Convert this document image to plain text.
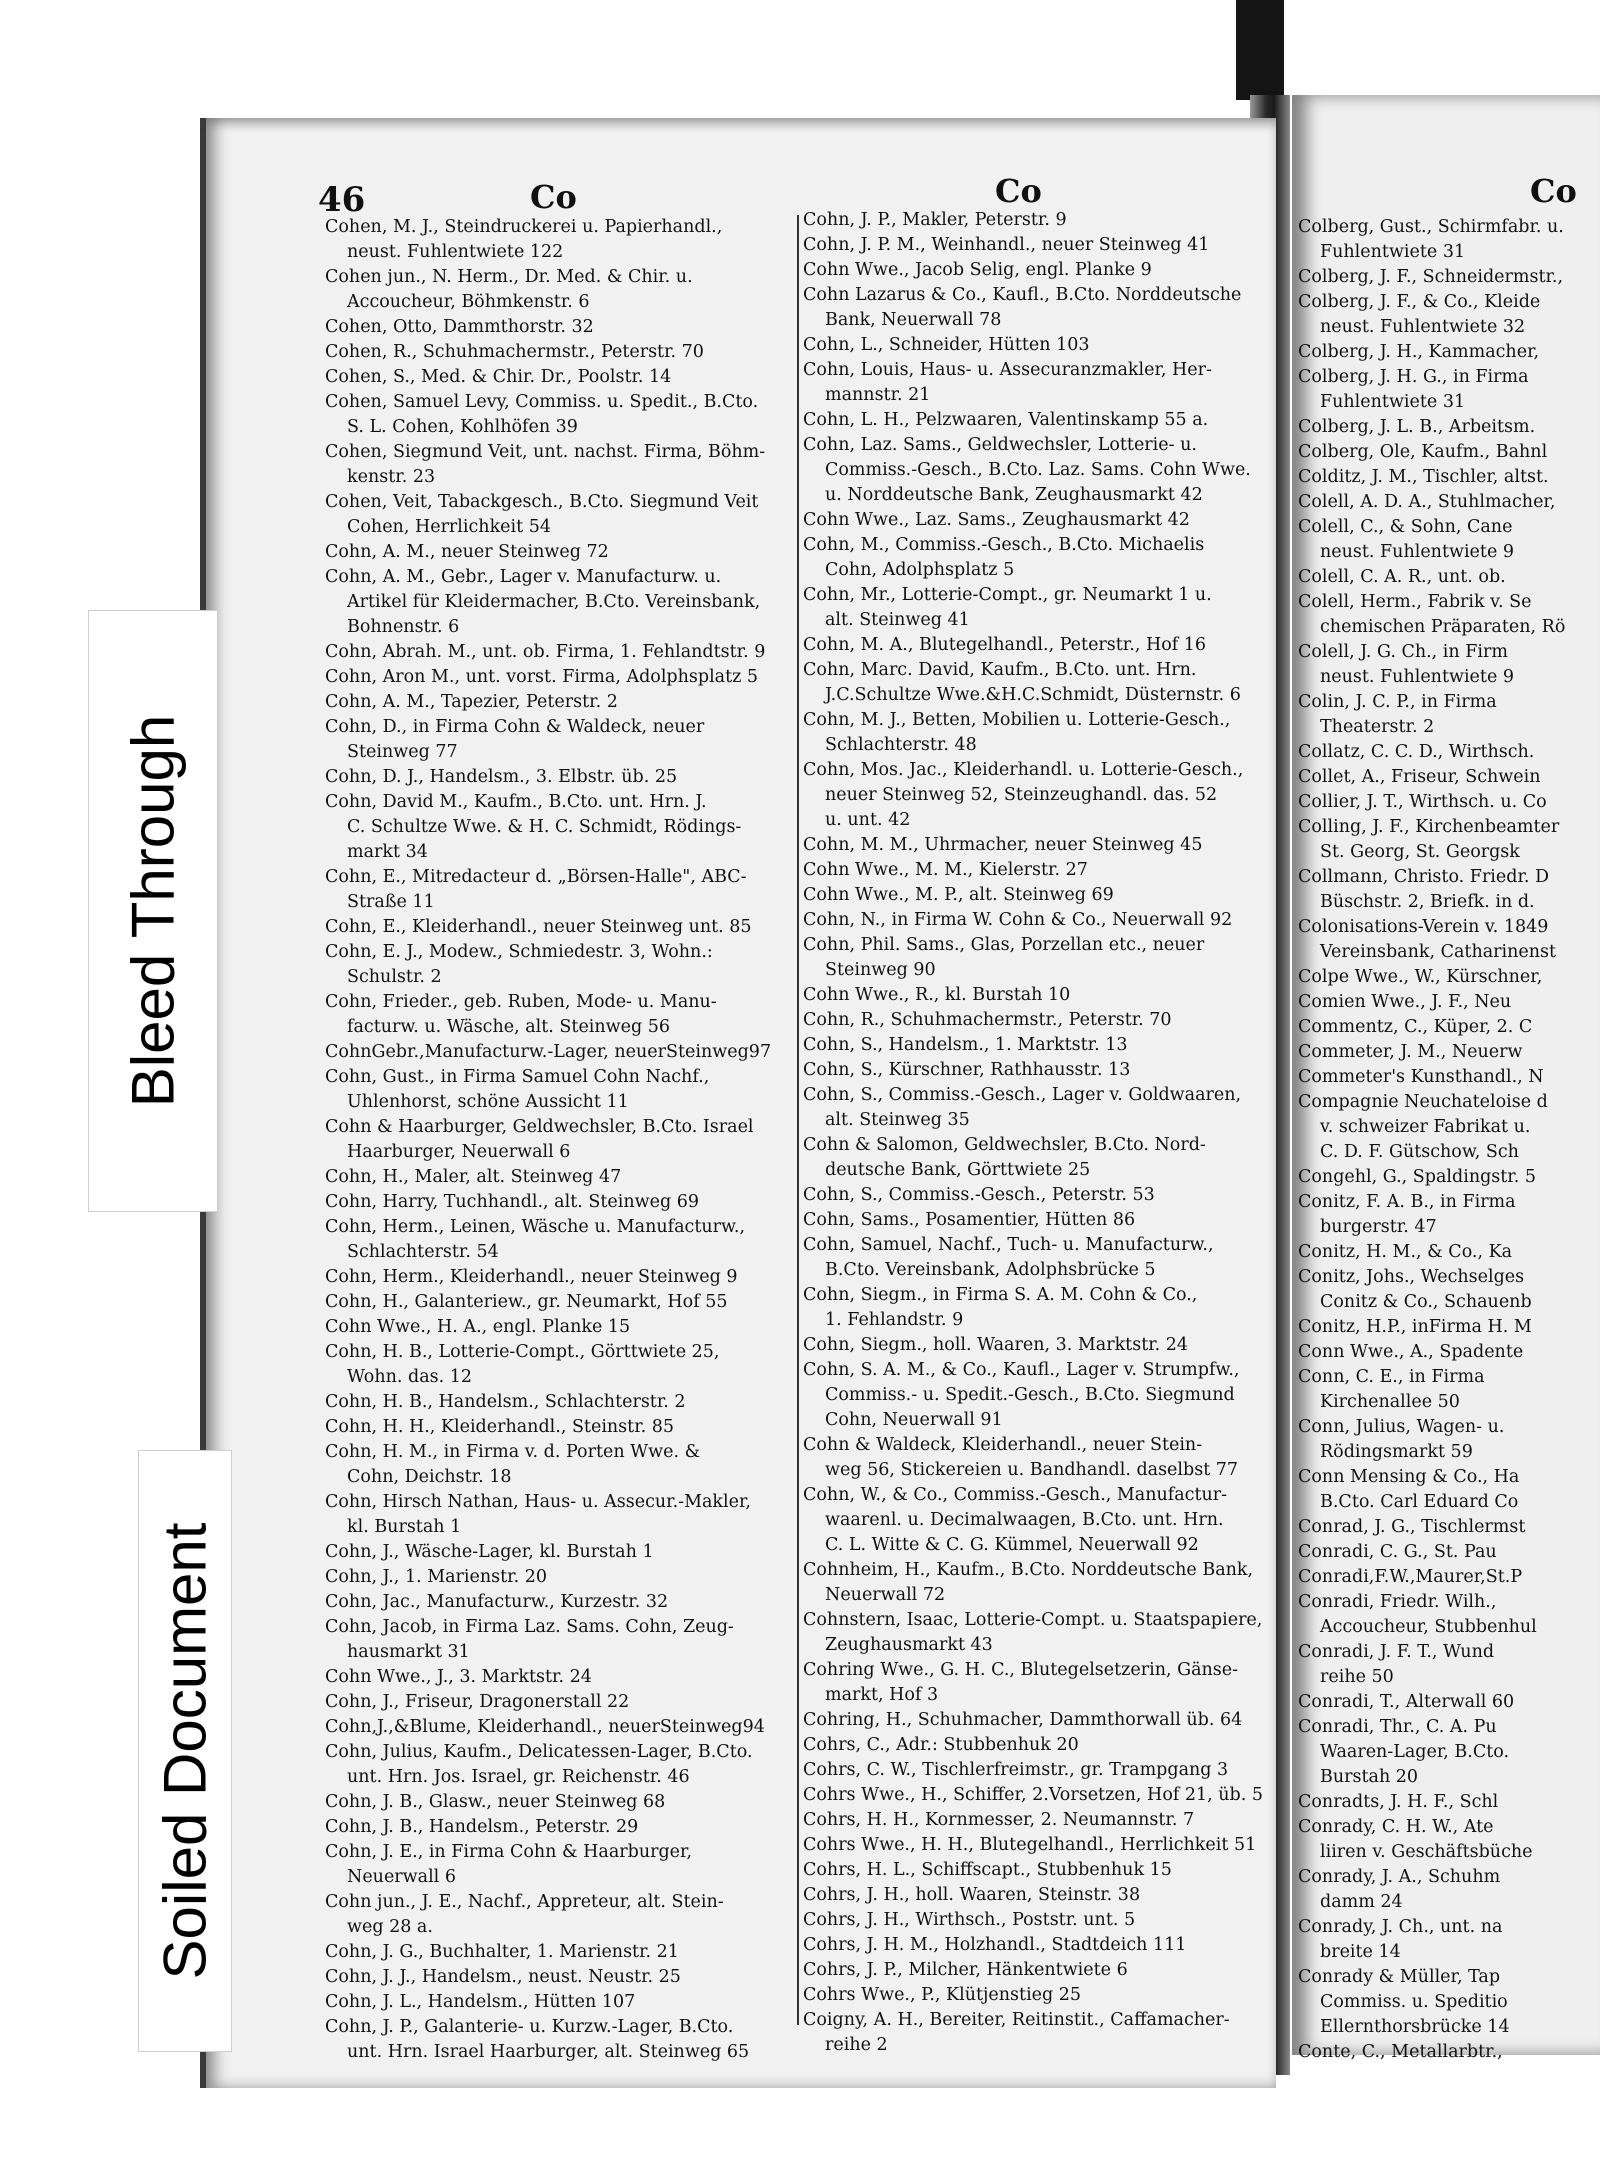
46	Co	Co	Co
Cohen, M. J., Steindruckerei u. Papierhandl.,
neust. Fuhlentwiete 122
Cohen jun., N. Herm., Dr. Med. & Chir. u.
Accoucheur, Böhmkenstr. 6
Cohen, Otto, Dammthorstr. 32
Cohen, R., Schuhmachermstr., Peterstr. 70
Cohen, S., Med. & Chir. Dr., Poolstr. 14
Cohen, Samuel Levy, Commiss. u. Spedit., B.Cto.
S. L. Cohen, Kohlhöfen 39
Cohen, Siegmund Veit, unt. nachst. Firma, Böhm-
kenstr. 23
Cohen, Veit, Tabackgesch., B.Cto. Siegmund Veit
Cohen, Herrlichkeit 54
Cohn, A. M., neuer Steinweg 72
Cohn, A. M., Gebr., Lager v. Manufacturw. u.
Artikel für Kleidermacher, B.Cto. Vereinsbank,
Bohnenstr. 6
Cohn, Abrah. M., unt. ob. Firma, 1. Fehlandtstr. 9
Cohn, Aron M., unt. vorst. Firma, Adolphsplatz 5
Cohn, A. M., Tapezier, Peterstr. 2
Cohn, D., in Firma Cohn & Waldeck, neuer
Steinweg 77
Cohn, D. J., Handelsm., 3. Elbstr. üb. 25
Cohn, David M., Kaufm., B.Cto. unt. Hrn. J.
C. Schultze Wwe. & H. C. Schmidt, Rödings-
markt 34
Cohn, E., Mitredacteur d. „Börsen-Halle", ABC-
Straße 11
Cohn, E., Kleiderhandl., neuer Steinweg unt. 85
Cohn, E. J., Modew., Schmiedestr. 3, Wohn.:
Schulstr. 2
Cohn, Frieder., geb. Ruben, Mode- u. Manu-
facturw. u. Wäsche, alt. Steinweg 56
CohnGebr.,Manufacturw.-Lager, neuerSteinweg97
Cohn, Gust., in Firma Samuel Cohn Nachf.,
Uhlenhorst, schöne Aussicht 11
Cohn & Haarburger, Geldwechsler, B.Cto. Israel
Haarburger, Neuerwall 6
Cohn, H., Maler, alt. Steinweg 47
Cohn, Harry, Tuchhandl., alt. Steinweg 69
Cohn, Herm., Leinen, Wäsche u. Manufacturw.,
Schlachterstr. 54
Cohn, Herm., Kleiderhandl., neuer Steinweg 9
Cohn, H., Galanteriew., gr. Neumarkt, Hof 55
Cohn Wwe., H. A., engl. Planke 15
Cohn, H. B., Lotterie-Compt., Görttwiete 25,
Wohn. das. 12
Cohn, H. B., Handelsm., Schlachterstr. 2
Cohn, H. H., Kleiderhandl., Steinstr. 85
Cohn, H. M., in Firma v. d. Porten Wwe. &
Cohn, Deichstr. 18
Cohn, Hirsch Nathan, Haus- u. Assecur.-Makler,
kl. Burstah 1
Cohn, J., Wäsche-Lager, kl. Burstah 1
Cohn, J., 1. Marienstr. 20
Cohn, Jac., Manufacturw., Kurzestr. 32
Cohn, Jacob, in Firma Laz. Sams. Cohn, Zeug-
hausmarkt 31
Cohn Wwe., J., 3. Marktstr. 24
Cohn, J., Friseur, Dragonerstall 22
Cohn,J.,&Blume, Kleiderhandl., neuerSteinweg94
Cohn, Julius, Kaufm., Delicatessen-Lager, B.Cto.
unt. Hrn. Jos. Israel, gr. Reichenstr. 46
Cohn, J. B., Glasw., neuer Steinweg 68
Cohn, J. B., Handelsm., Peterstr. 29
Cohn, J. E., in Firma Cohn & Haarburger,
Neuerwall 6
Cohn jun., J. E., Nachf., Appreteur, alt. Stein-
weg 28 a.
Cohn, J. G., Buchhalter, 1. Marienstr. 21
Cohn, J. J., Handelsm., neust. Neustr. 25
Cohn, J. L., Handelsm., Hütten 107
Cohn, J. P., Galanterie- u. Kurzw.-Lager, B.Cto.
unt. Hrn. Israel Haarburger, alt. Steinweg 65
Cohn, J. P., Makler, Peterstr. 9
Cohn, J. P. M., Weinhandl., neuer Steinweg 41
Cohn Wwe., Jacob Selig, engl. Planke 9
Cohn Lazarus & Co., Kaufl., B.Cto. Norddeutsche
Bank, Neuerwall 78
Cohn, L., Schneider, Hütten 103
Cohn, Louis, Haus- u. Assecuranzmakler, Her-
mannstr. 21
Cohn, L. H., Pelzwaaren, Valentinskamp 55 a.
Cohn, Laz. Sams., Geldwechsler, Lotterie- u.
Commiss.-Gesch., B.Cto. Laz. Sams. Cohn Wwe.
u. Norddeutsche Bank, Zeughausmarkt 42
Cohn Wwe., Laz. Sams., Zeughausmarkt 42
Cohn, M., Commiss.-Gesch., B.Cto. Michaelis
Cohn, Adolphsplatz 5
Cohn, Mr., Lotterie-Compt., gr. Neumarkt 1 u.
alt. Steinweg 41
Cohn, M. A., Blutegelhandl., Peterstr., Hof 16
Cohn, Marc. David, Kaufm., B.Cto. unt. Hrn.
J.C.Schultze Wwe.&H.C.Schmidt, Düsternstr. 6
Cohn, M. J., Betten, Mobilien u. Lotterie-Gesch.,
Schlachterstr. 48
Cohn, Mos. Jac., Kleiderhandl. u. Lotterie-Gesch.,
neuer Steinweg 52, Steinzeughandl. das. 52
u. unt. 42
Cohn, M. M., Uhrmacher, neuer Steinweg 45
Cohn Wwe., M. M., Kielerstr. 27
Cohn Wwe., M. P., alt. Steinweg 69
Cohn, N., in Firma W. Cohn & Co., Neuerwall 92
Cohn, Phil. Sams., Glas, Porzellan etc., neuer
Steinweg 90
Cohn Wwe., R., kl. Burstah 10
Cohn, R., Schuhmachermstr., Peterstr. 70
Cohn, S., Handelsm., 1. Marktstr. 13
Cohn, S., Kürschner, Rathhausstr. 13
Cohn, S., Commiss.-Gesch., Lager v. Goldwaaren,
alt. Steinweg 35
Cohn & Salomon, Geldwechsler, B.Cto. Nord-
deutsche Bank, Görttwiete 25
Cohn, S., Commiss.-Gesch., Peterstr. 53
Cohn, Sams., Posamentier, Hütten 86
Cohn, Samuel, Nachf., Tuch- u. Manufacturw.,
B.Cto. Vereinsbank, Adolphsbrücke 5
Cohn, Siegm., in Firma S. A. M. Cohn & Co.,
1. Fehlandstr. 9
Cohn, Siegm., holl. Waaren, 3. Marktstr. 24
Cohn, S. A. M., & Co., Kaufl., Lager v. Strumpfw.,
Commiss.- u. Spedit.-Gesch., B.Cto. Siegmund
Cohn, Neuerwall 91
Cohn & Waldeck, Kleiderhandl., neuer Stein-
weg 56, Stickereien u. Bandhandl. daselbst 77
Cohn, W., & Co., Commiss.-Gesch., Manufactur-
waarenl. u. Decimalwaagen, B.Cto. unt. Hrn.
C. L. Witte & C. G. Kümmel, Neuerwall 92
Cohnheim, H., Kaufm., B.Cto. Norddeutsche Bank,
Neuerwall 72
Cohnstern, Isaac, Lotterie-Compt. u. Staatspapiere,
Zeughausmarkt 43
Cohring Wwe., G. H. C., Blutegelsetzerin, Gänse-
markt, Hof 3
Cohring, H., Schuhmacher, Dammthorwall üb. 64
Cohrs, C., Adr.: Stubbenhuk 20
Cohrs, C. W., Tischlerfreimstr., gr. Trampgang 3
Cohrs Wwe., H., Schiffer, 2.Vorsetzen, Hof 21, üb. 5
Cohrs, H. H., Kornmesser, 2. Neumannstr. 7
Cohrs Wwe., H. H., Blutegelhandl., Herrlichkeit 51
Cohrs, H. L., Schiffscapt., Stubbenhuk 15
Cohrs, J. H., holl. Waaren, Steinstr. 38
Cohrs, J. H., Wirthsch., Poststr. unt. 5
Cohrs, J. H. M., Holzhandl., Stadtdeich 111
Cohrs, J. P., Milcher, Hänkentwiete 6
Cohrs Wwe., P., Klütjenstieg 25
Coigny, A. H., Bereiter, Reitinstit., Caffamacher-
reihe 2
Colberg, Gust., Schirmfabr. u.
Fuhlentwiete 31
Colberg, J. F., Schneidermstr.,
Colberg, J. F., & Co., Kleide
neust. Fuhlentwiete 32
Colberg, J. H., Kammacher,
Colberg, J. H. G., in Firma
Fuhlentwiete 31
Colberg, J. L. B., Arbeitsm.
Colberg, Ole, Kaufm., Bahnl
Colditz, J. M., Tischler, altst.
Colell, A. D. A., Stuhlmacher,
Colell, C., & Sohn, Cane
neust. Fuhlentwiete 9
Colell, C. A. R., unt. ob.
Colell, Herm., Fabrik v. Se
chemischen Präparaten, Rö
Colell, J. G. Ch., in Firm
neust. Fuhlentwiete 9
Colin, J. C. P., in Firma
Theaterstr. 2
Collatz, C. C. D., Wirthsch.
Collet, A., Friseur, Schwein
Collier, J. T., Wirthsch. u. Co
Colling, J. F., Kirchenbeamter
St. Georg, St. Georgsk
Collmann, Christo. Friedr. D
Büschstr. 2, Briefk. in d.
Colonisations-Verein v. 1849
Vereinsbank, Catharinenst
Colpe Wwe., W., Kürschner,
Comien Wwe., J. F., Neu
Commentz, C., Küper, 2. C
Commeter, J. M., Neuerw
Commeter's Kunsthandl., N
Compagnie Neuchateloise d
v. schweizer Fabrikat u.
C. D. F. Gütschow, Sch
Congehl, G., Spaldingstr. 5
Conitz, F. A. B., in Firma
burgerstr. 47
Conitz, H. M., & Co., Ka
Conitz, Johs., Wechselges
Conitz & Co., Schauenb
Conitz, H.P., inFirma H. M
Conn Wwe., A., Spadente
Conn, C. E., in Firma
Kirchenallee 50
Conn, Julius, Wagen- u.
Rödingsmarkt 59
Conn Mensing & Co., Ha
B.Cto. Carl Eduard Co
Conrad, J. G., Tischlermst
Conradi, C. G., St. Pau
Conradi,F.W.,Maurer,St.P
Conradi, Friedr. Wilh.,
Accoucheur, Stubbenhul
Conradi, J. F. T., Wund
reihe 50
Conradi, T., Alterwall 60
Conradi, Thr., C. A. Pu
Waaren-Lager, B.Cto.
Burstah 20
Conradts, J. H. F., Schl
Conrady, C. H. W., Ate
liiren v. Geschäftsbüche
Conrady, J. A., Schuhm
damm 24
Conrady, J. Ch., unt. na
breite 14
Conrady & Müller, Tap
Commiss. u. Speditio
Ellernthorsbrücke 14
Conte, C., Metallarbtr.,
Bleed Through
Soiled Document
